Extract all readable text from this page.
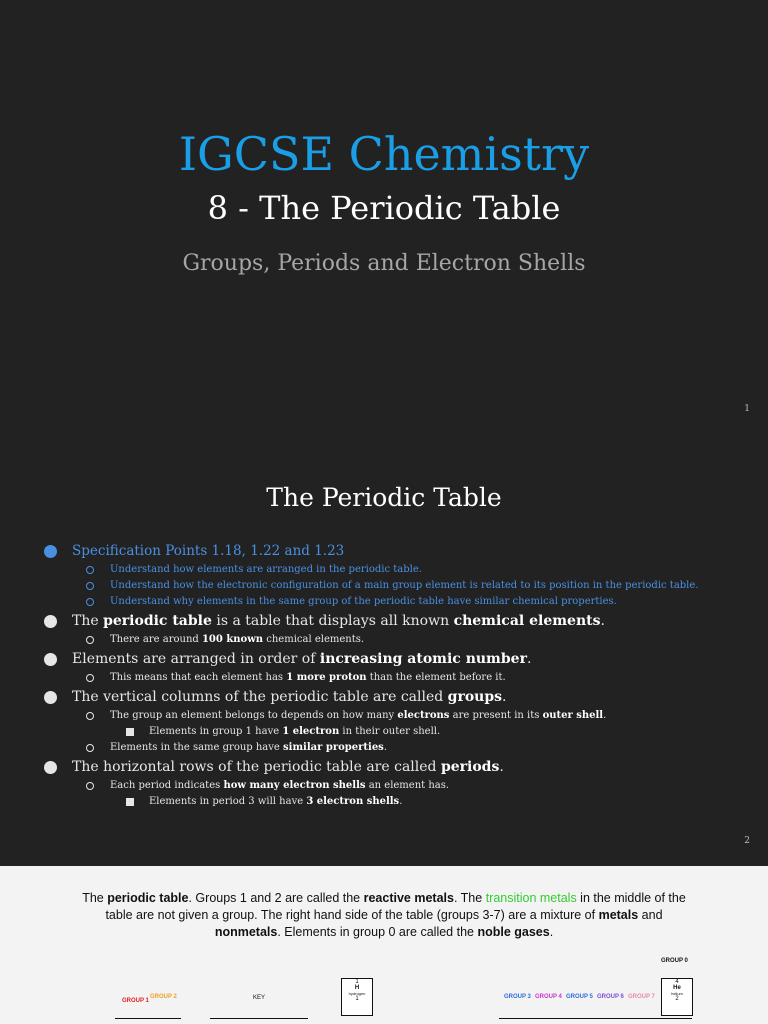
IGCSE Chemistry
8 - The Periodic Table
Groups, Periods and Electron Shells
1
The Periodic Table
Specification Points 1.18, 1.22 and 1.23
Understand how elements are arranged in the periodic table.
Understand how the electronic configuration of a main group element is related to its position in the periodic table.
Understand why elements in the same group of the periodic table have similar chemical properties.
The periodic table is a table that displays all known chemical elements.
There are around 100 known chemical elements.
Elements are arranged in order of increasing atomic number.
This means that each element has 1 more proton than the element before it.
The vertical columns of the periodic table are called groups.
The group an element belongs to depends on how many electrons are present in its outer shell.
Elements in group 1 have 1 electron in their outer shell.
Elements in the same group have similar properties.
The horizontal rows of the periodic table are called periods.
Each period indicates how many electron shells an element has.
Elements in period 3 will have 3 electron shells.
2
The periodic table. Groups 1 and 2 are called the reactive metals. The transition metals in the middle of the table are not given a group. The right hand side of the table (groups 3-7) are a mixture of metals and nonmetals. Elements in group 0 are called the noble gases.
GROUP 0
GROUP 1
GROUP 2	KEY
1
H
hydrogen
1
4
He
helium
2
GROUP 3 GROUP 4 GROUP 5 GROUP 6 GROUP 7
